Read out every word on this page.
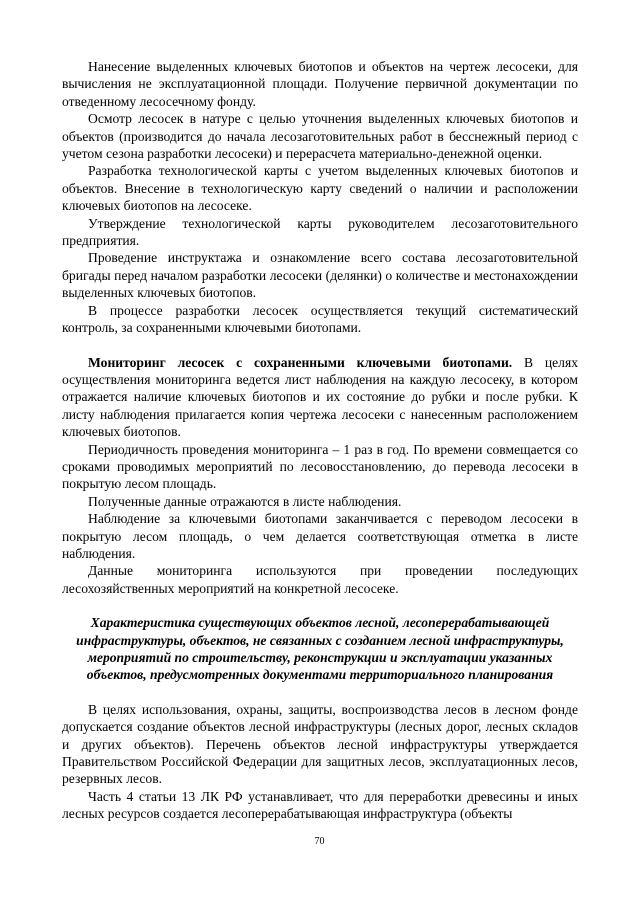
Нанесение выделенных ключевых биотопов и объектов на чертеж лесосеки, для вычисления не эксплуатационной площади. Получение первичной документации по отведенному лесосечному фонду.

Осмотр лесосек в натуре с целью уточнения выделенных ключевых биотопов и объектов (производится до начала лесозаготовительных работ в бесснежный период с учетом сезона разработки лесосеки) и перерасчета материально-денежной оценки.

Разработка технологической карты с учетом выделенных ключевых биотопов и объектов. Внесение в технологическую карту сведений о наличии и расположении ключевых биотопов на лесосеке.

Утверждение технологической карты руководителем лесозаготовительного предприятия.

Проведение инструктажа и ознакомление всего состава лесозаготовительной бригады перед началом разработки лесосеки (делянки) о количестве и местонахождении выделенных ключевых биотопов.

В процессе разработки лесосек осуществляется текущий систематический контроль, за сохраненными ключевыми биотопами.

Мониторинг лесосек с сохраненными ключевыми биотопами. В целях осуществления мониторинга ведется лист наблюдения на каждую лесосеку, в котором отражается наличие ключевых биотопов и их состояние до рубки и после рубки. К листу наблюдения прилагается копия чертежа лесосеки с нанесенным расположением ключевых биотопов.

Периодичность проведения мониторинга – 1 раз в год. По времени совмещается со сроками проводимых мероприятий по лесовосстановлению, до перевода лесосеки в покрытую лесом площадь.

Полученные данные отражаются в листе наблюдения.

Наблюдение за ключевыми биотопами заканчивается с переводом лесосеки в покрытую лесом площадь, о чем делается соответствующая отметка в листе наблюдения.

Данные мониторинга используются при проведении последующих лесохозяйственных мероприятий на конкретной лесосеке.

Характеристика существующих объектов лесной, лесоперерабатывающей инфраструктуры, объектов, не связанных с созданием лесной инфраструктуры, мероприятий по строительству, реконструкции и эксплуатации указанных объектов, предусмотренных документами территориального планирования

В целях использования, охраны, защиты, воспроизводства лесов в лесном фонде допускается создание объектов лесной инфраструктуры (лесных дорог, лесных складов и других объектов). Перечень объектов лесной инфраструктуры утверждается Правительством Российской Федерации для защитных лесов, эксплуатационных лесов, резервных лесов.

Часть 4 статьи 13 ЛК РФ устанавливает, что для переработки древесины и иных лесных ресурсов создается лесоперерабатывающая инфраструктура (объекты

70
